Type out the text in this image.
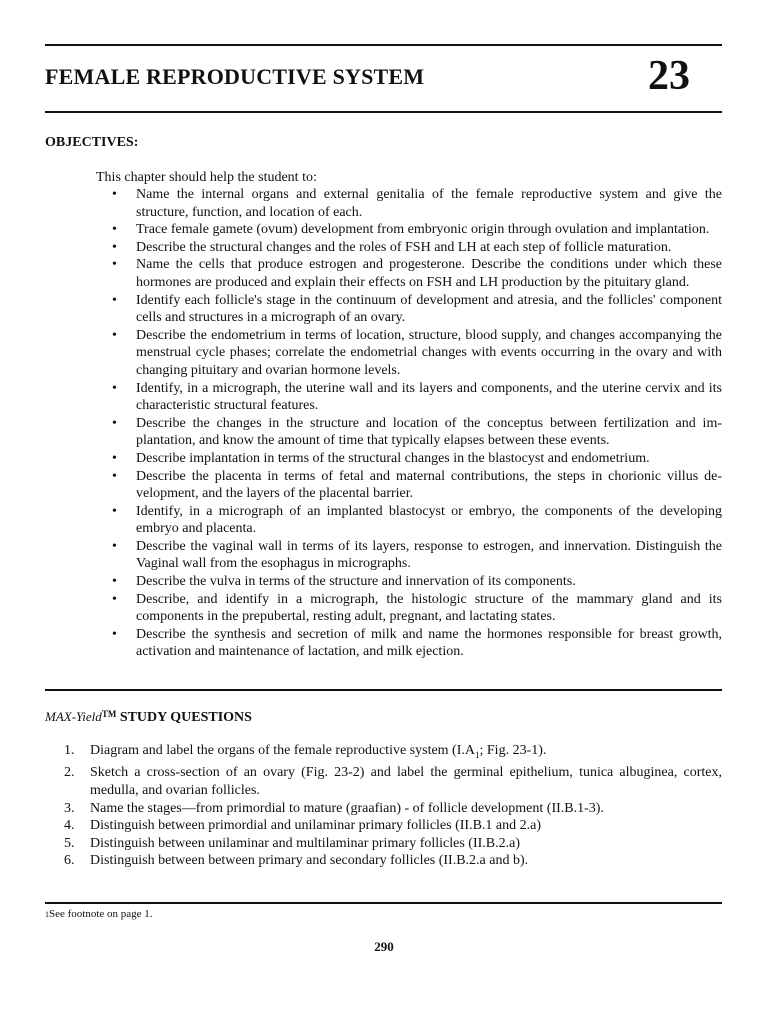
FEMALE REPRODUCTIVE SYSTEM	23
OBJECTIVES:
This chapter should help the student to:
• Name the internal organs and external genitalia of the female reproductive system and give the structure, function, and location of each.
• Trace female gamete (ovum) development from embryonic origin through ovulation and implantation.
• Describe the structural changes and the roles of FSH and LH at each step of follicle maturation.
• Name the cells that produce estrogen and progesterone. Describe the conditions under which these hormones are produced and explain their effects on FSH and LH production by the pituitary gland.
• Identify each follicle's stage in the continuum of development and atresia, and the follicles' component cells and structures in a micrograph of an ovary.
• Describe the endometrium in terms of location, structure, blood supply, and changes accompanying the menstrual cycle phases; correlate the endometrial changes with events occurring in the ovary and with changing pituitary and ovarian hormone levels.
• Identify, in a micrograph, the uterine wall and its layers and components, and the uterine cervix and its characteristic structural features.
• Describe the changes in the structure and location of the conceptus between fertilization and im-plantation, and know the amount of time that typically elapses between these events.
• Describe implantation in terms of the structural changes in the blastocyst and endometrium.
• Describe the placenta in terms of fetal and maternal contributions, the steps in chorionic villus de-velopment, and the layers of the placental barrier.
• Identify, in a micrograph of an implanted blastocyst or embryo, the components of the developing embryo and placenta.
• Describe the vaginal wall in terms of its layers, response to estrogen, and innervation. Distinguish the Vaginal wall from the esophagus in micrographs.
• Describe the vulva in terms of the structure and innervation of its components.
• Describe, and identify in a micrograph, the histologic structure of the mammary gland and its components in the prepubertal, resting adult, pregnant, and lactating states.
• Describe the synthesis and secretion of milk and name the hormones responsible for breast growth, activation and maintenance of lactation, and milk ejection.
MAX-Yield™ STUDY QUESTIONS
1. Diagram and label the organs of the female reproductive system ($I.A_1$; Fig. 23-1).
2. Sketch a cross-section of an ovary (Fig. 23-2) and label the germinal epithelium, tunica albuginea, cortex, medulla, and ovarian follicles.
3. Name the stages—from primordial to mature (graafian) - of follicle development (II.B.1-3).
4. Distinguish between primordial and unilaminar primary follicles (II.B.1 and 2.a)
5. Distinguish between unilaminar and multilaminar primary follicles (II.B.2.a)
6. Distinguish between between primary and secondary follicles (II.B.2.a and b).
1See footnote on page 1.
290
